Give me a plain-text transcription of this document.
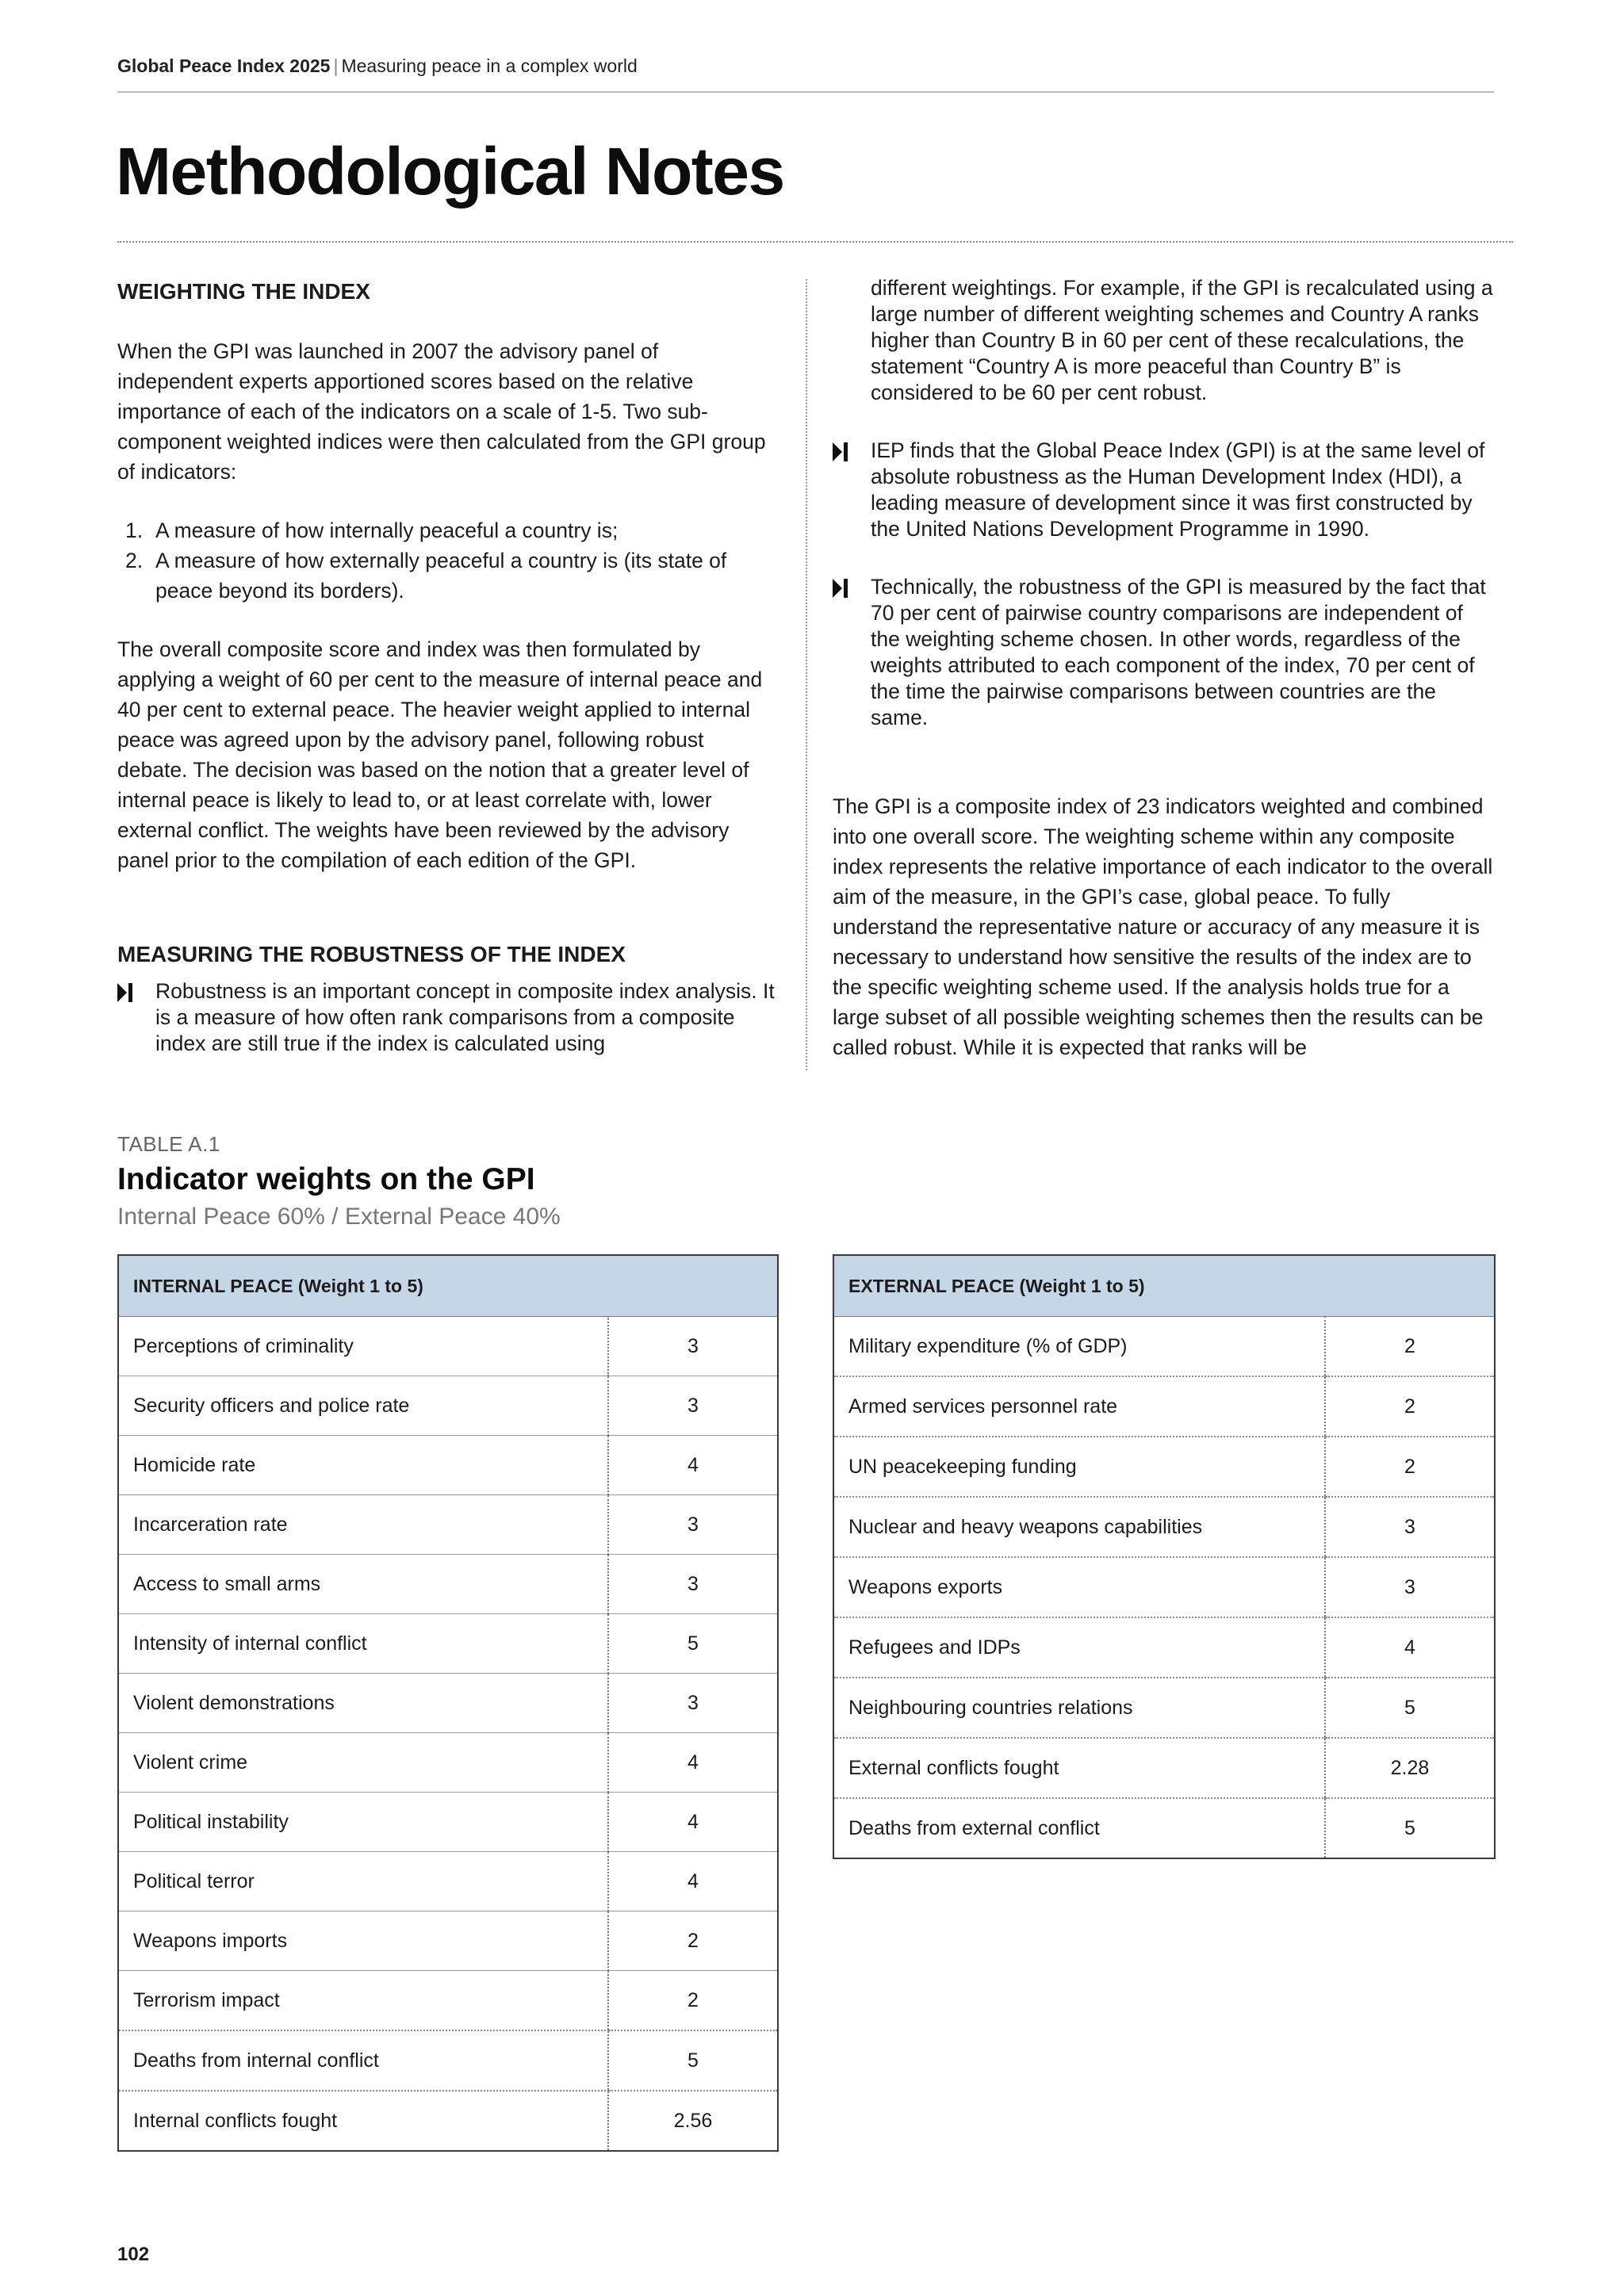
Global Peace Index 2025 | Measuring peace in a complex world
Methodological Notes
WEIGHTING THE INDEX

When the GPI was launched in 2007 the advisory panel of independent experts apportioned scores based on the relative importance of each of the indicators on a scale of 1-5. Two sub-component weighted indices were then calculated from the GPI group of indicators:

1. A measure of how internally peaceful a country is;
2. A measure of how externally peaceful a country is (its state of peace beyond its borders).

The overall composite score and index was then formulated by applying a weight of 60 per cent to the measure of internal peace and 40 per cent to external peace. The heavier weight applied to internal peace was agreed upon by the advisory panel, following robust debate. The decision was based on the notion that a greater level of internal peace is likely to lead to, or at least correlate with, lower external conflict. The weights have been reviewed by the advisory panel prior to the compilation of each edition of the GPI.

MEASURING THE ROBUSTNESS OF THE INDEX
Robustness is an important concept in composite index analysis. It is a measure of how often rank comparisons from a composite index are still true if the index is calculated using
different weightings. For example, if the GPI is recalculated using a large number of different weighting schemes and Country A ranks higher than Country B in 60 per cent of these recalculations, the statement “Country A is more peaceful than Country B” is considered to be 60 per cent robust.
IEP finds that the Global Peace Index (GPI) is at the same level of absolute robustness as the Human Development Index (HDI), a leading measure of development since it was first constructed by the United Nations Development Programme in 1990.
Technically, the robustness of the GPI is measured by the fact that 70 per cent of pairwise country comparisons are independent of the weighting scheme chosen. In other words, regardless of the weights attributed to each component of the index, 70 per cent of the time the pairwise comparisons between countries are the same.

The GPI is a composite index of 23 indicators weighted and combined into one overall score. The weighting scheme within any composite index represents the relative importance of each indicator to the overall aim of the measure, in the GPI’s case, global peace. To fully understand the representative nature or accuracy of any measure it is necessary to understand how sensitive the results of the index are to the specific weighting scheme used. If the analysis holds true for a large subset of all possible weighting schemes then the results can be called robust. While it is expected that ranks will be

TABLE A.1
Indicator weights on the GPI
Internal Peace 60% / External Peace 40%
INTERNAL PEACE (Weight 1 to 5)	
Perceptions of criminality	3
Security officers and police rate	3
Homicide rate	4
Incarceration rate	3
Access to small arms	3
Intensity of internal conflict	5
Violent demonstrations	3
Violent crime	4
Political instability	4
Political terror	4
Weapons imports	2
Terrorism impact	2
Deaths from internal conflict	5
Internal conflicts fought	2.56
EXTERNAL PEACE (Weight 1 to 5)	
Military expenditure (% of GDP)	2
Armed services personnel rate	2
UN peacekeeping funding	2
Nuclear and heavy weapons capabilities	3
Weapons exports	3
Refugees and IDPs	4
Neighbouring countries relations	5
External conflicts fought	2.28
Deaths from external conflict	5
102
